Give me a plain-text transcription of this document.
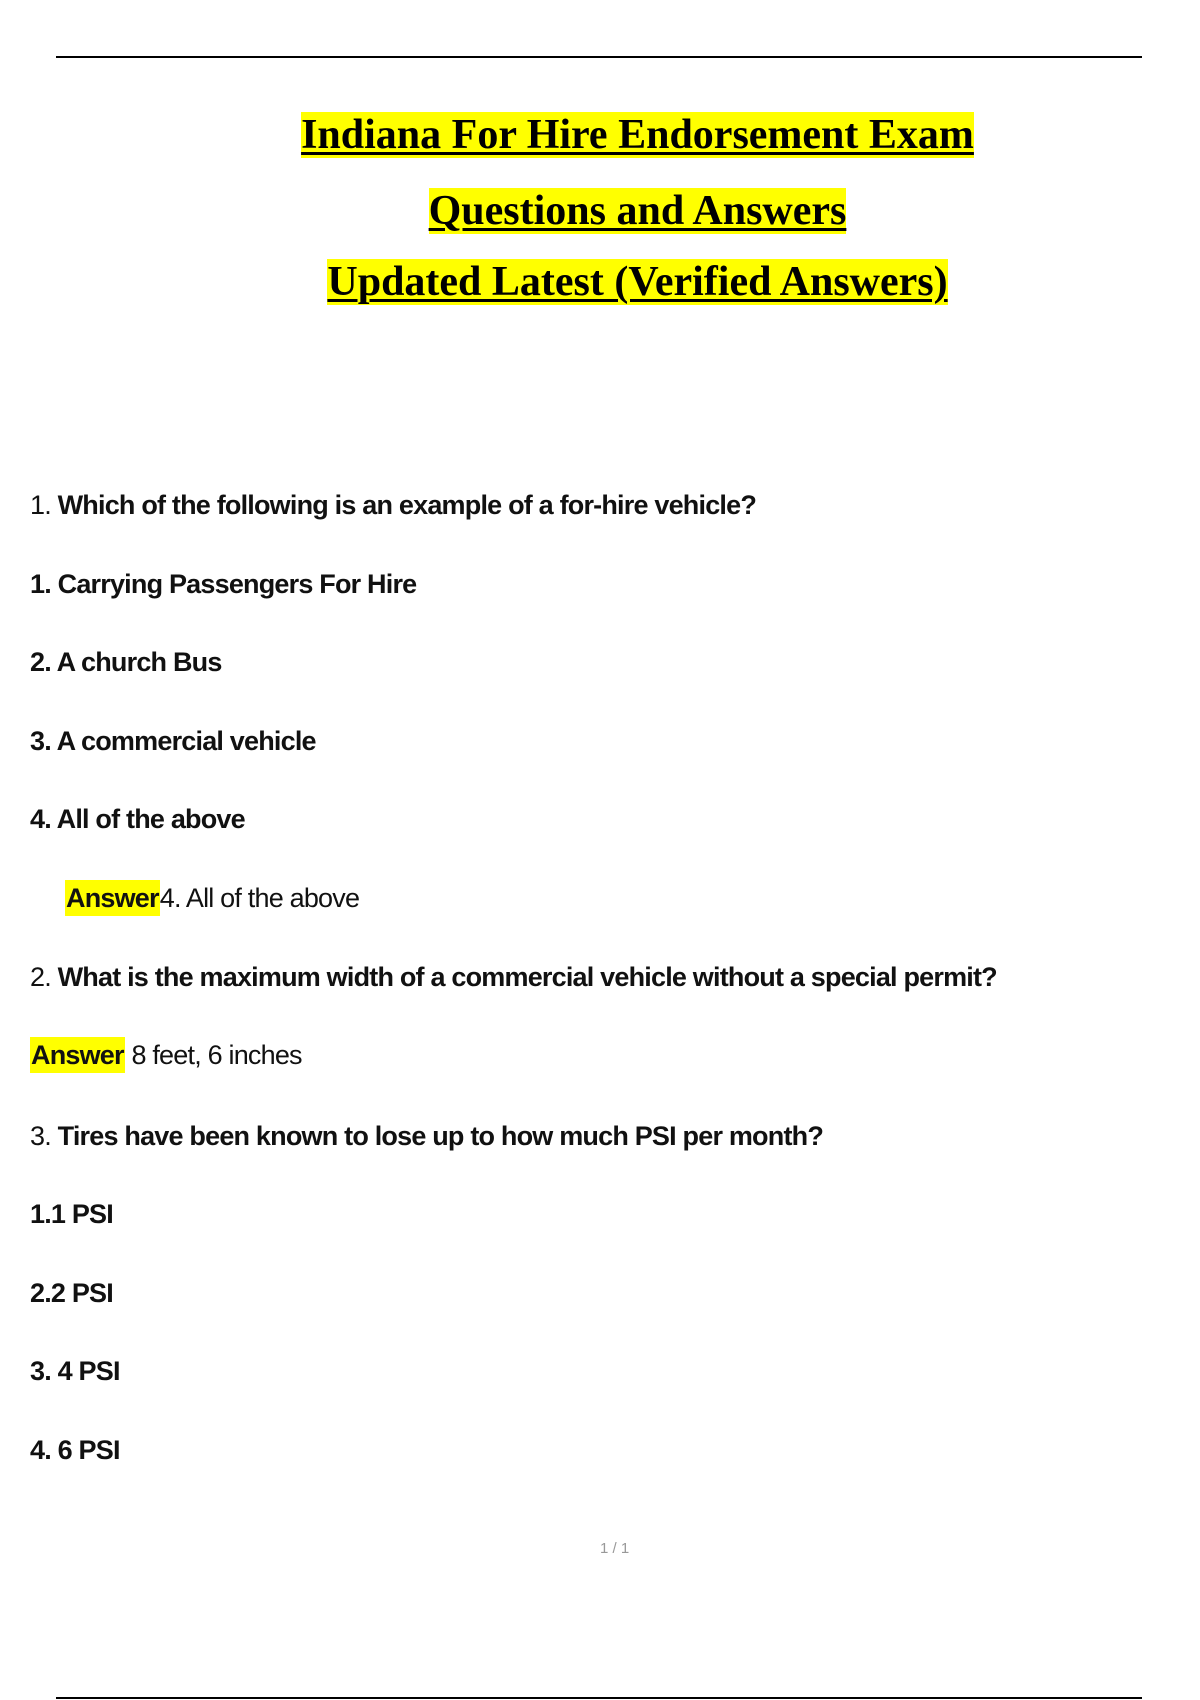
Indiana For Hire Endorsement Exam
Questions and Answers
Updated Latest (Verified Answers)
1. Which of the following is an example of a for-hire vehicle?
1. Carrying Passengers For Hire
2. A church Bus
3. A commercial vehicle
4. All of the above
Answer4. All of the above
2. What is the maximum width of a commercial vehicle without a special permit?
Answer 8 feet, 6 inches
3. Tires have been known to lose up to how much PSI per month?
1.1 PSI
2.2 PSI
3. 4 PSI
4. 6 PSI
1 / 1
